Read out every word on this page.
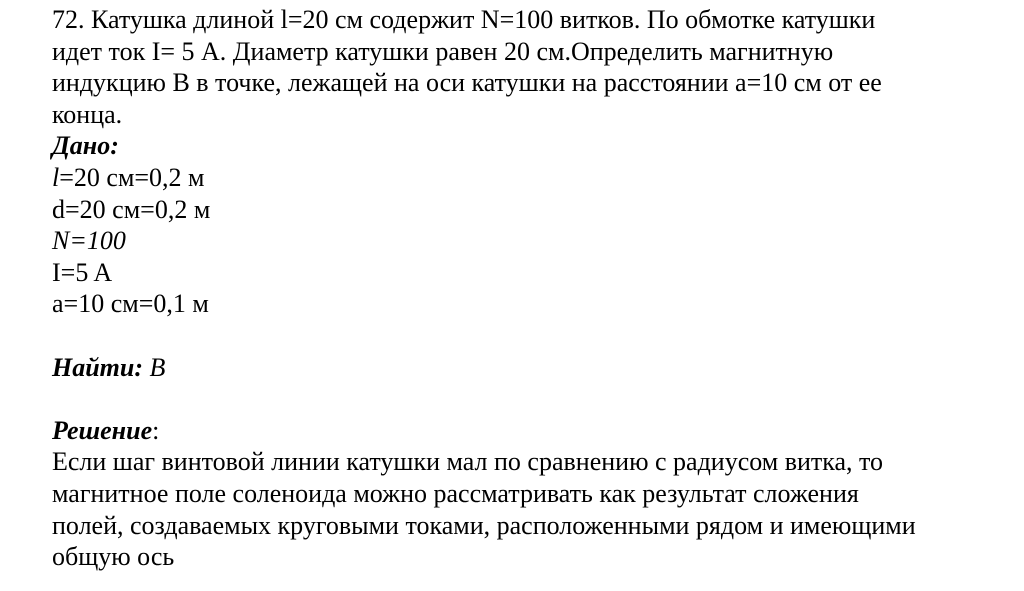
72. Катушка длиной l=20 см содержит N=100 витков. По обмотке катушки
идет ток I= 5 А. Диаметр катушки равен 20 см.Определить магнитную
индукцию В в точке, лежащей на оси катушки на расстоянии a=10 см от ее
конца.
Дано:
l=20 см=0,2 м
d=20 см=0,2 м
N=100
I=5 A
a=10 см=0,1 м
Найти: В
Решение:
Если шаг винтовой линии катушки мал по сравнению с радиусом витка, то
магнитное поле соленоида можно рассматривать как результат сложения
полей, создаваемых круговыми токами, расположенными рядом и имеющими
общую ось
